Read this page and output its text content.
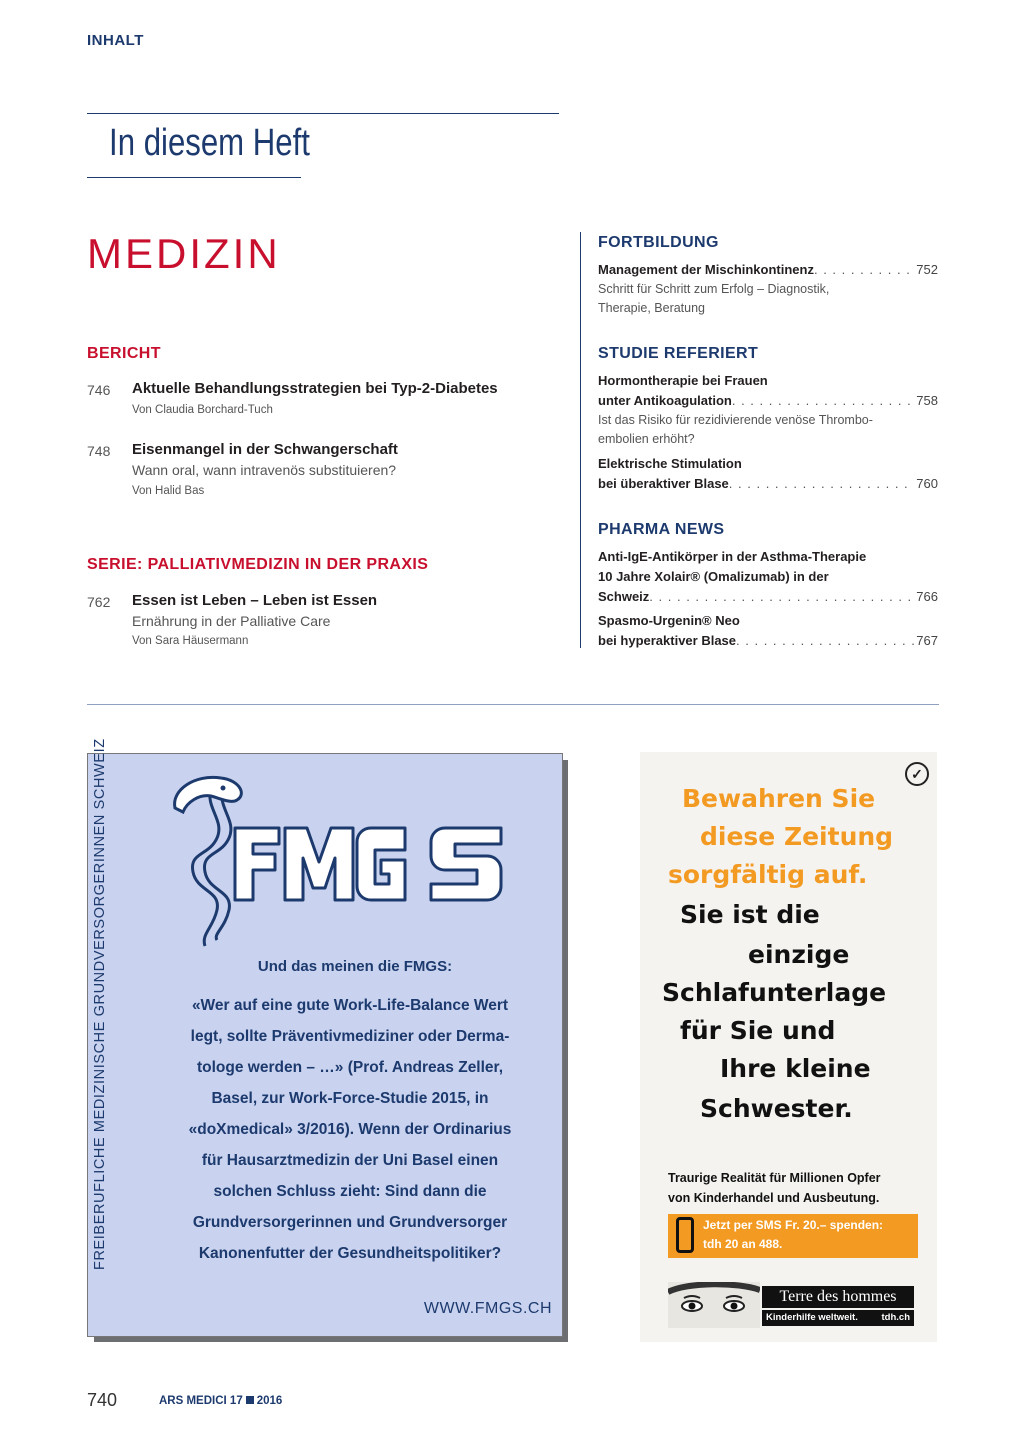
INHALT
In diesem Heft
MEDIZIN
BERICHT
746 Aktuelle Behandlungsstrategien bei Typ-2-Diabetes
Von Claudia Borchard-Tuch
748 Eisenmangel in der Schwangerschaft
Wann oral, wann intravenös substituieren?
Von Halid Bas
SERIE: PALLIATIVMEDIZIN IN DER PRAXIS
762 Essen ist Leben – Leben ist Essen
Ernährung in der Palliative Care
Von Sara Häusermann
FORTBILDUNG
Management der Mischinkontinenz . . .	752
Schritt für Schritt zum Erfolg – Diagnostik,
Therapie, Beratung
STUDIE REFERIERT
Hormontherapie bei Frauen
unter Antikoagulation . . .	758
Ist das Risiko für rezidivierende venöse Thrombo-
embolien erhöht?
Elektrische Stimulation
bei überaktiver Blase . . .	760
PHARMA NEWS
Anti-IgE-Antikörper in der Asthma-Therapie
10 Jahre Xolair® (Omalizumab) in der
Schweiz . . .	766
Spasmo-Urgenin® Neo
bei hyperaktiver Blase . . .	767
FREIBERUFLICHE MEDIZINISCHE GRUNDVERSORGERINNEN SCHWEIZ	FMGS
Und das meinen die FMGS:
«Wer auf eine gute Work-Life-Balance Wert
legt, sollte Präventivmediziner oder Derma-
tologe werden – …» (Prof. Andreas Zeller,
Basel, zur Work-Force-Studie 2015, in
«doXmedical» 3/2016). Wenn der Ordinarius
für Hausarztmedizin der Uni Basel einen
solchen Schluss zieht: Sind dann die
Grundversorgerinnen und Grundversorger
Kanonenfutter der Gesundheitspolitiker?
WWW.FMGS.CH
✓
Bewahren Sie
diese Zeitung
sorgfältig auf.
Sie ist die
einzige
Schlafunterlage
für Sie und
Ihre kleine
Schwester.
Traurige Realität für Millionen Opfer
von Kinderhandel und Ausbeutung.
Jetzt per SMS Fr. 20.– spenden:
tdh 20 an 488.
Terre des hommes
Kinderhilfe weltweit. tdh.ch
740	ARS MEDICI 17 2016
